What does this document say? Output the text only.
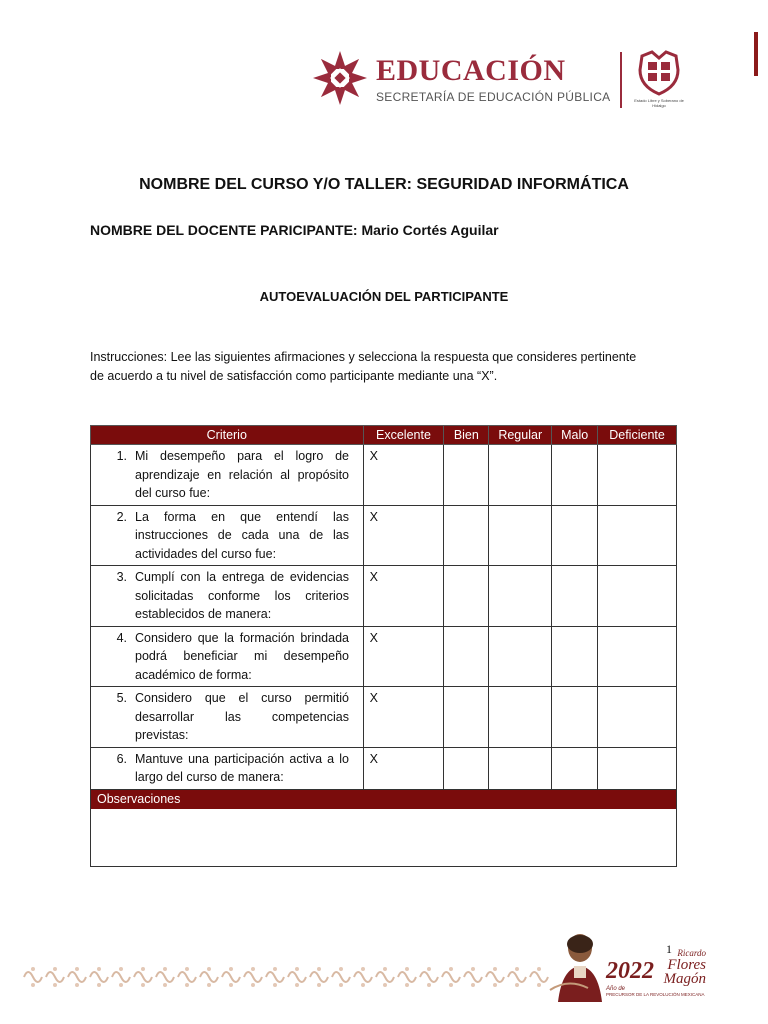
EDUCACIÓN
SECRETARÍA DE EDUCACIÓN PÚBLICA	Estado Libre y Soberano de Hidalgo
NOMBRE DEL CURSO Y/O TALLER: SEGURIDAD INFORMÁTICA
NOMBRE DEL DOCENTE PARICIPANTE: Mario Cortés Aguilar
AUTOEVALUACIÓN DEL PARTICIPANTE
Instrucciones: Lee las siguientes afirmaciones y selecciona la respuesta que consideres pertinente de acuerdo a tu nivel de satisfacción como participante mediante una “X”.
Criterio	Excelente	Bien	Regular	Malo	Deficiente
1. Mi desempeño para el logro de aprendizaje en relación al propósito del curso fue:	X				
2. La forma en que entendí las instrucciones de cada una de las actividades del curso fue:	X				
3. Cumplí con la entrega de evidencias solicitadas conforme los criterios establecidos de manera:	X				
4. Considero que la formación brindada podrá beneficiar mi desempeño académico de forma:	X				
5. Considero que el curso permitió desarrollar las competencias previstas:	X				
6. Mantuve una participación activa a lo largo del curso de manera:	X				
Observaciones
1
2022
Año de
Ricardo
Flores
Magón
PRECURSOR DE LA REVOLUCIÓN MEXICANA
